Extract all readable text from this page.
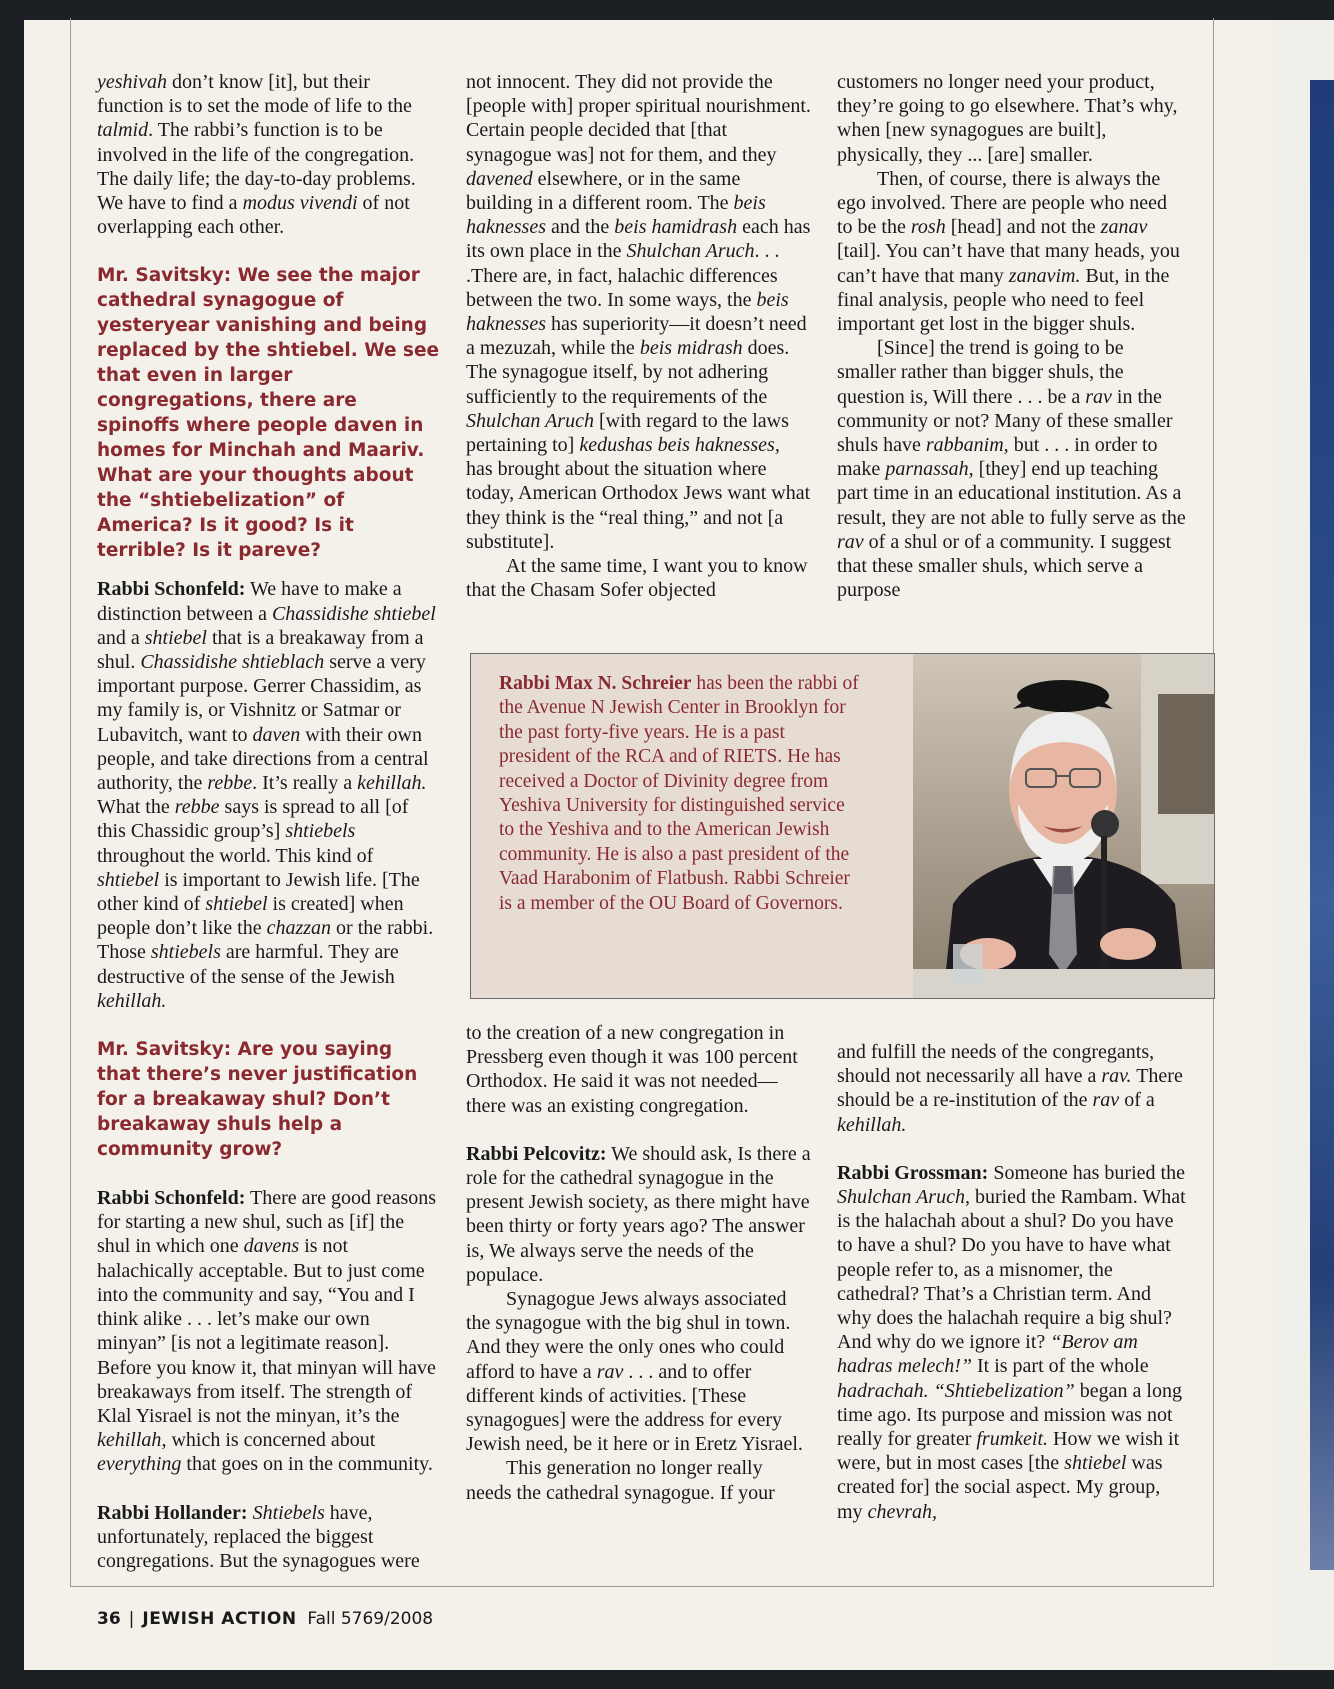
yeshivah don’t know [it], but their function is to set the mode of life to the talmid. The rabbi’s function is to be involved in the life of the congregation. The daily life; the day-to-day problems. We have to find a modus vivendi of not overlapping each other.

Mr. Savitsky: We see the major cathedral synagogue of yesteryear vanishing and being replaced by the shtiebel. We see that even in larger congregations, there are spinoffs where people daven in homes for Minchah and Maariv. What are your thoughts about the “shtiebelization” of America? Is it good? Is it terrible? Is it pareve?

Rabbi Schonfeld: We have to make a distinction between a Chassidishe shtiebel and a shtiebel that is a breakaway from a shul. Chassidishe shtieblach serve a very important purpose. Gerrer Chassidim, as my family is, or Vishnitz or Satmar or Lubavitch, want to daven with their own people, and take directions from a central authority, the rebbe. It’s really a kehillah. What the rebbe says is spread to all [of this Chassidic group’s] shtiebels throughout the world. This kind of shtiebel is important to Jewish life. [The other kind of shtiebel is created] when people don’t like the chazzan or the rabbi. Those shtiebels are harmful. They are destructive of the sense of the Jewish kehillah.

Mr. Savitsky: Are you saying that there’s never justification for a breakaway shul? Don’t breakaway shuls help a community grow?

Rabbi Schonfeld: There are good reasons for starting a new shul, such as [if] the shul in which one davens is not halachically acceptable. But to just come into the community and say, “You and I think alike . . . let’s make our own minyan” [is not a legitimate reason]. Before you know it, that minyan will have breakaways from itself. The strength of Klal Yisrael is not the minyan, it’s the kehillah, which is concerned about everything that goes on in the community.

Rabbi Hollander: Shtiebels have, unfortunately, replaced the biggest congregations. But the synagogues were

not innocent. They did not provide the [people with] proper spiritual nourishment. Certain people decided that [that synagogue was] not for them, and they davened elsewhere, or in the same building in a different room. The beis haknesses and the beis hamidrash each has its own place in the Shulchan Aruch. . . .There are, in fact, halachic differences between the two. In some ways, the beis haknesses has superiority—it doesn’t need a mezuzah, while the beis midrash does. The synagogue itself, by not adhering sufficiently to the requirements of the Shulchan Aruch [with regard to the laws pertaining to] kedushas beis haknesses, has brought about the situation where today, American Orthodox Jews want what they think is the “real thing,” and not [a substitute].

At the same time, I want you to know that the Chasam Sofer objected

customers no longer need your product, they’re going to go elsewhere. That’s why, when [new synagogues are built], physically, they ... [are] smaller.

Then, of course, there is always the ego involved. There are people who need to be the rosh [head] and not the zanav [tail]. You can’t have that many heads, you can’t have that many zanavim. But, in the final analysis, people who need to feel important get lost in the bigger shuls.

[Since] the trend is going to be smaller rather than bigger shuls, the question is, Will there . . . be a rav in the community or not? Many of these smaller shuls have rabbanim, but . . . in order to make parnassah, [they] end up teaching part time in an educational institution. As a result, they are not able to fully serve as the rav of a shul or of a community. I suggest that these smaller shuls, which serve a purpose

Rabbi Max N. Schreier has been the rabbi of the Avenue N Jewish Center in Brooklyn for the past forty-five years. He is a past president of the RCA and of RIETS. He has received a Doctor of Divinity degree from Yeshiva University for distinguished service to the Yeshiva and to the American Jewish community. He is also a past president of the Vaad Harabonim of Flatbush. Rabbi Schreier is a member of the OU Board of Governors.

to the creation of a new congregation in Pressberg even though it was 100 percent Orthodox. He said it was not needed—there was an existing congregation.

Rabbi Pelcovitz: We should ask, Is there a role for the cathedral synagogue in the present Jewish society, as there might have been thirty or forty years ago? The answer is, We always serve the needs of the populace.

Synagogue Jews always associated the synagogue with the big shul in town. And they were the only ones who could afford to have a rav . . . and to offer different kinds of activities. [These synagogues] were the address for every Jewish need, be it here or in Eretz Yisrael.

This generation no longer really needs the cathedral synagogue. If your

and fulfill the needs of the congregants, should not necessarily all have a rav. There should be a re-institution of the rav of a kehillah.

Rabbi Grossman: Someone has buried the Shulchan Aruch, buried the Rambam. What is the halachah about a shul? Do you have to have a shul? Do you have to have what people refer to, as a misnomer, the cathedral? That’s a Christian term. And why does the halachah require a big shul? And why do we ignore it? “Berov am hadras melech!” It is part of the whole hadrachah. “Shtiebelization” began a long time ago. Its purpose and mission was not really for greater frumkeit. How we wish it were, but in most cases [the shtiebel was created for] the social aspect. My group, my chevrah,

36 | JEWISH ACTION Fall 5769/2008
